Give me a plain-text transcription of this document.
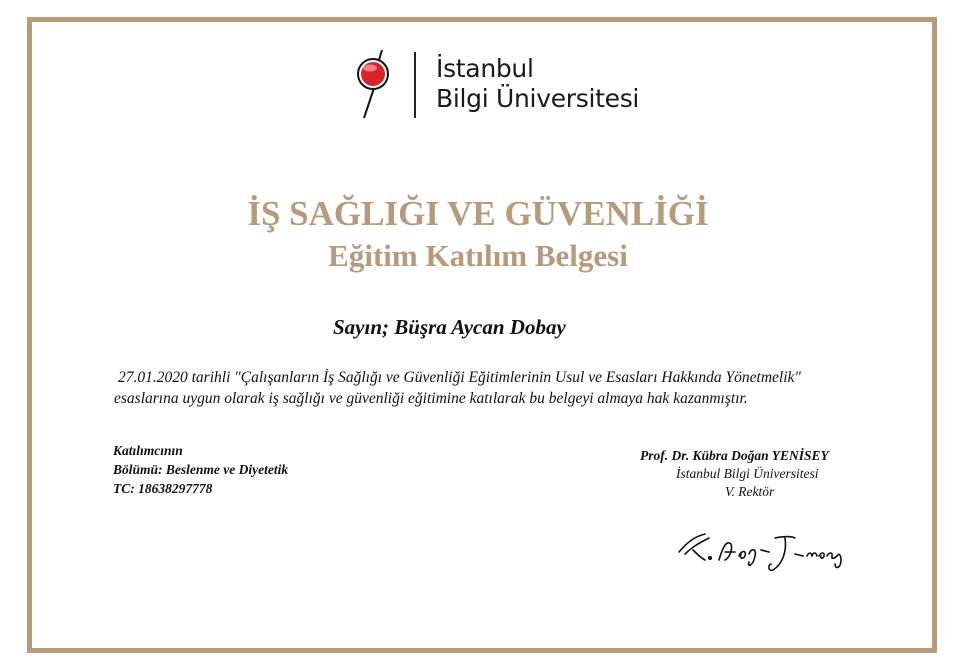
İstanbul
Bilgi Üniversitesi
İŞ SAĞLIĞI VE GÜVENLİĞİ
Eğitim Katılım Belgesi
Sayın; Büşra Aycan Dobay
27.01.2020 tarihli "Çalışanların İş Sağlığı ve Güvenliği Eğitimlerinin Usul ve Esasları Hakkında Yönetmelik"
esaslarına uygun olarak iş sağlığı ve güvenliği eğitimine katılarak bu belgeyi almaya hak kazanmıştır.
Katılımcının
Bölümü: Beslenme ve Diyetetik
TC: 18638297778
Prof. Dr. Kübra Doğan YENİSEY
İstanbul Bilgi Üniversitesi
V. Rektör
